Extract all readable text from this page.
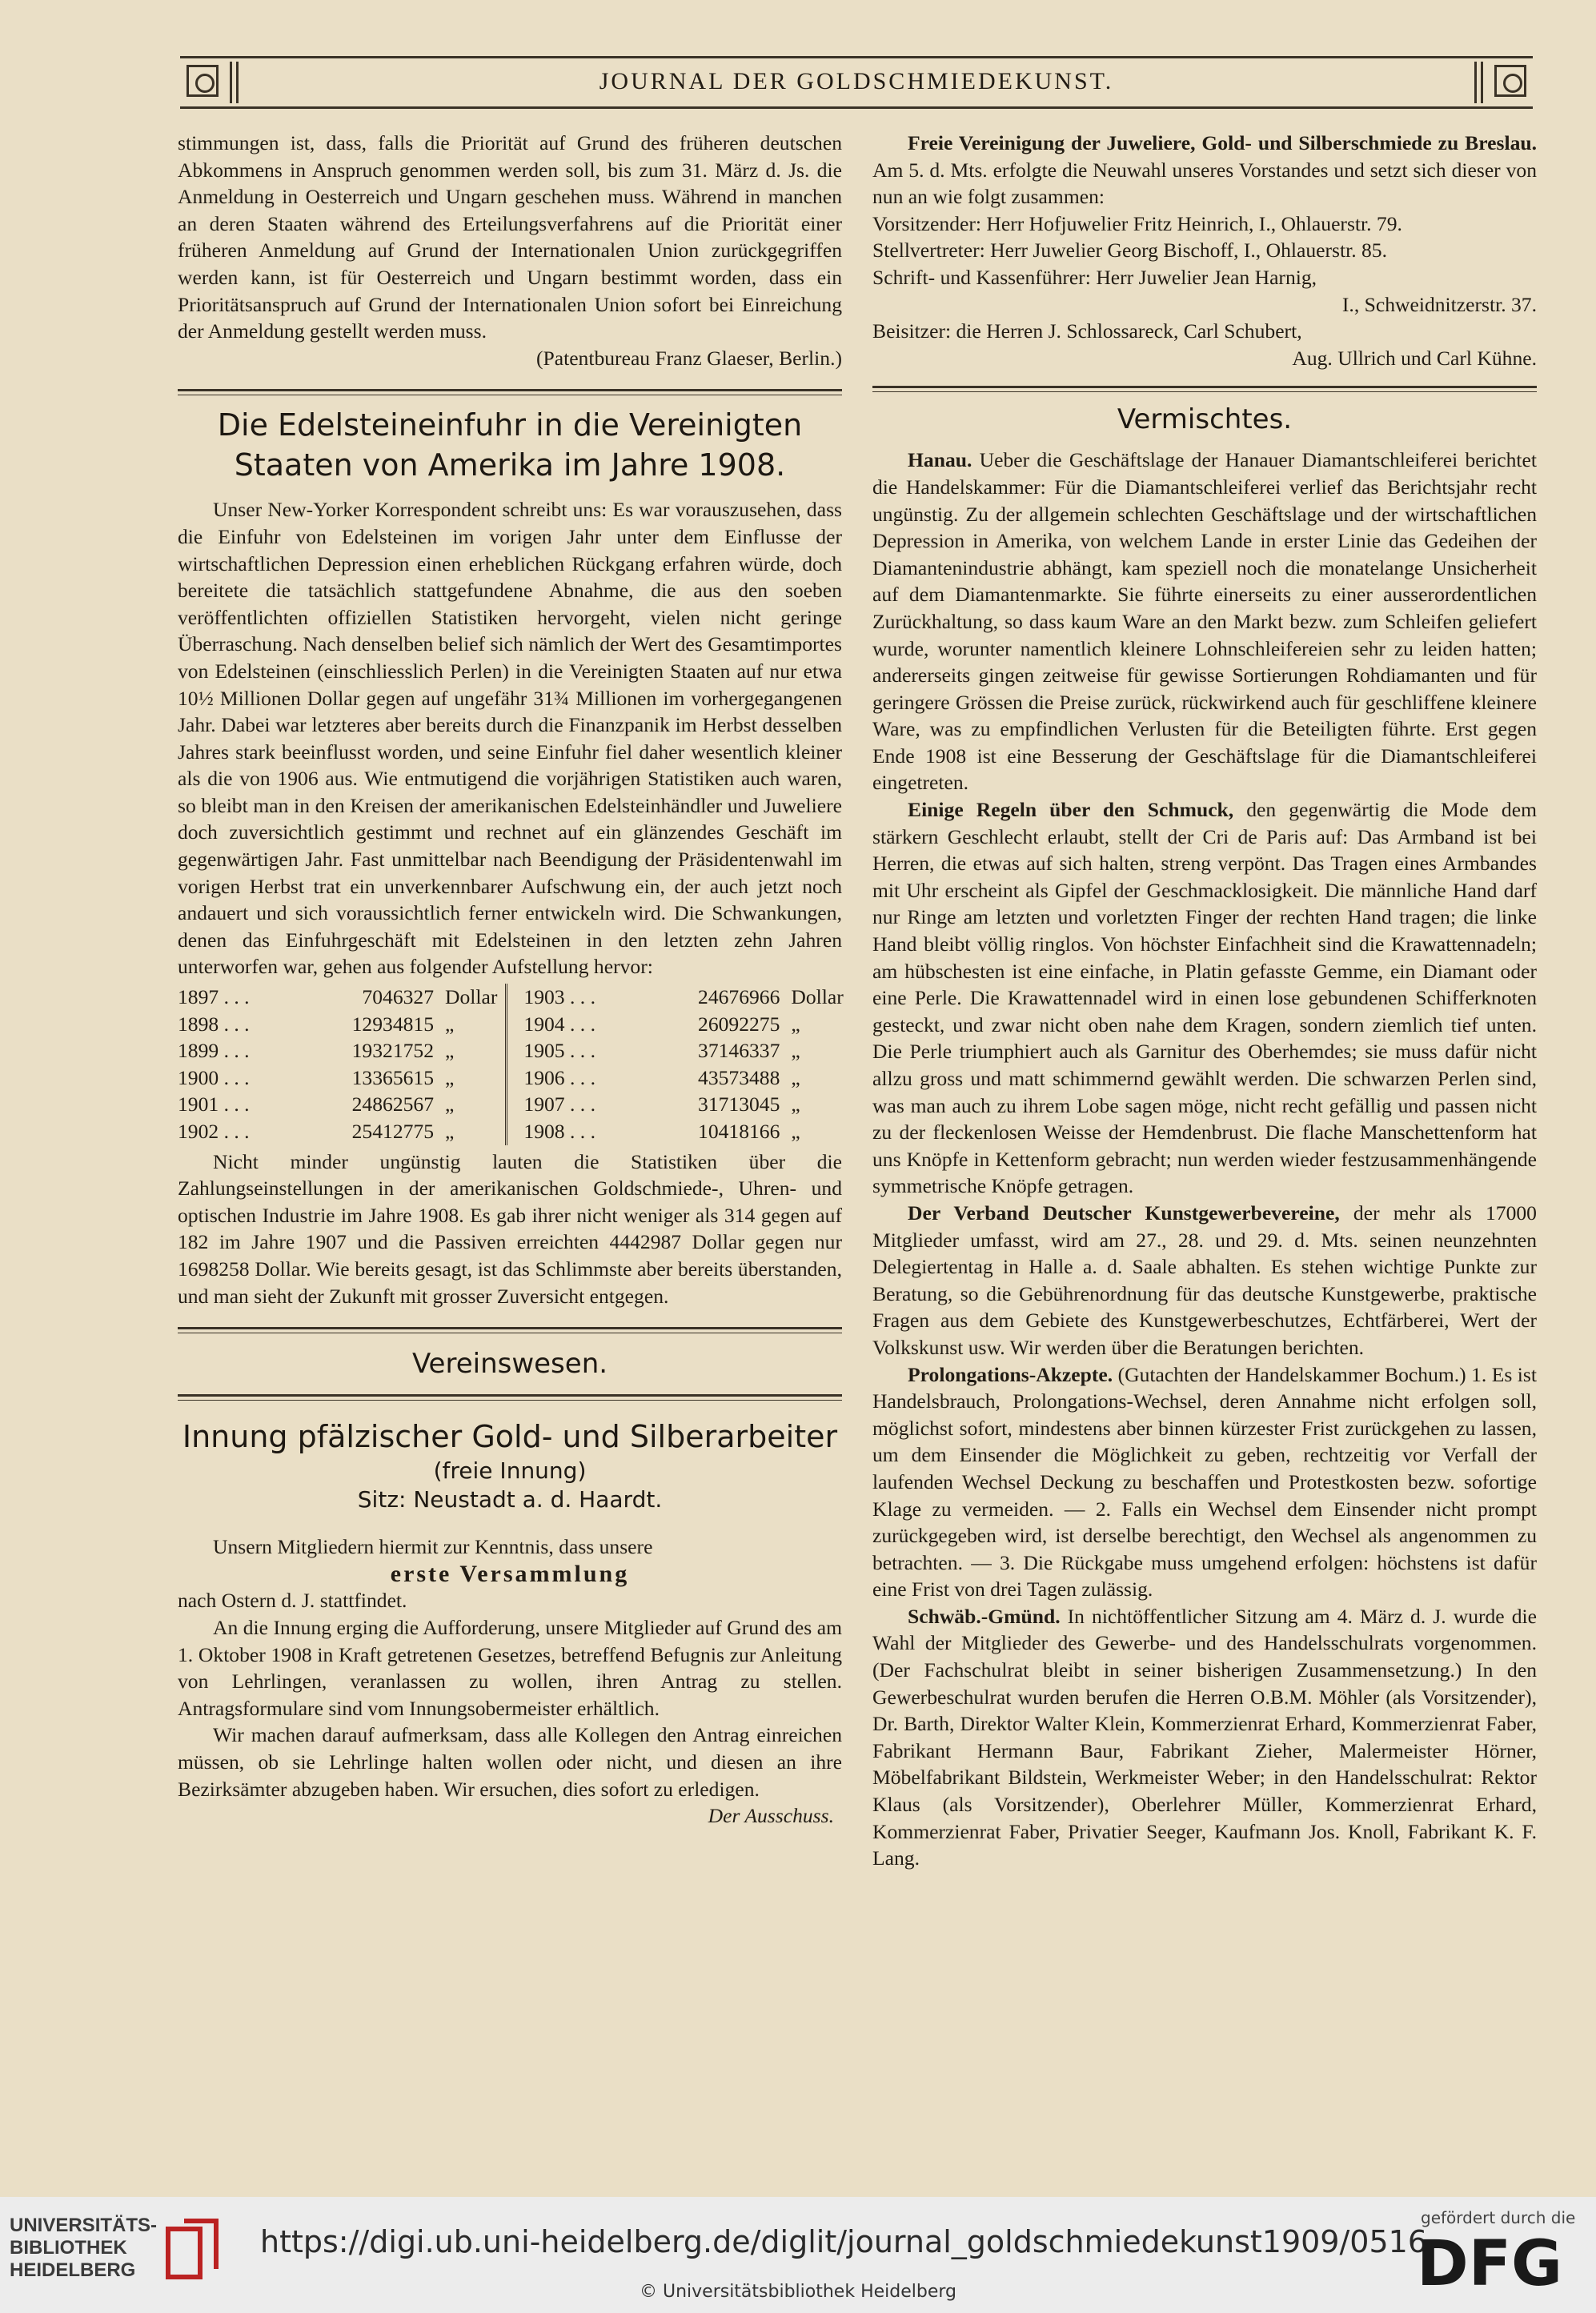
JOURNAL DER GOLDSCHMIEDEKUNST.

stimmungen ist, dass, falls die Priorität auf Grund des früheren deutschen Abkommens in Anspruch genommen werden soll, bis zum 31. März d. Js. die Anmeldung in Oesterreich und Ungarn geschehen muss. Während in manchen an deren Staaten während des Erteilungsverfahrens auf die Priorität einer früheren Anmeldung auf Grund der Internationalen Union zurückgegriffen werden kann, ist für Oesterreich und Ungarn bestimmt worden, dass ein Prioritätsanspruch auf Grund der Internationalen Union sofort bei Einreichung der Anmeldung gestellt werden muss.

(Patentbureau Franz Glaeser, Berlin.)

Die Edelsteineinfuhr in die Vereinigten Staaten von Amerika im Jahre 1908.

Unser New-Yorker Korrespondent schreibt uns: Es war vorauszusehen, dass die Einfuhr von Edelsteinen im vorigen Jahr unter dem Einflusse der wirtschaftlichen Depression einen erheblichen Rückgang erfahren würde, doch bereitete die tatsächlich stattgefundene Abnahme, die aus den soeben veröffentlichten offiziellen Statistiken hervorgeht, vielen nicht geringe Überraschung. Nach denselben belief sich nämlich der Wert des Gesamtimportes von Edelsteinen (einschliesslich Perlen) in die Vereinigten Staaten auf nur etwa 10½ Millionen Dollar gegen auf ungefähr 31¾ Millionen im vorhergegangenen Jahr. Dabei war letzteres aber bereits durch die Finanzpanik im Herbst desselben Jahres stark beeinflusst worden, und seine Einfuhr fiel daher wesentlich kleiner als die von 1906 aus. Wie entmutigend die vorjährigen Statistiken auch waren, so bleibt man in den Kreisen der amerikanischen Edelsteinhändler und Juweliere doch zuversichtlich gestimmt und rechnet auf ein glänzendes Geschäft im gegenwärtigen Jahr. Fast unmittelbar nach Beendigung der Präsidentenwahl im vorigen Herbst trat ein unverkennbarer Aufschwung ein, der auch jetzt noch andauert und sich voraussichtlich ferner entwickeln wird. Die Schwankungen, denen das Einfuhrgeschäft mit Edelsteinen in den letzten zehn Jahren unterworfen war, gehen aus folgender Aufstellung hervor:

1897 . . .	7046327 Dollar
1898 . . .	12934815 „
1899 . . .	19321752 „
1900 . . .	13365615 „
1901 . . .	24862567 „
1902 . . .	25412775 „
1903 . . .	24676966 Dollar
1904 . . .	26092275 „
1905 . . .	37146337 „
1906 . . .	43573488 „
1907 . . .	31713045 „
1908 . . .	10418166 „

Nicht minder ungünstig lauten die Statistiken über die Zahlungseinstellungen in der amerikanischen Goldschmiede-, Uhren- und optischen Industrie im Jahre 1908. Es gab ihrer nicht weniger als 314 gegen auf 182 im Jahre 1907 und die Passiven erreichten 4442987 Dollar gegen nur 1698258 Dollar. Wie bereits gesagt, ist das Schlimmste aber bereits überstanden, und man sieht der Zukunft mit grosser Zuversicht entgegen.

Vereinswesen.
Innung pfälzischer Gold- und Silberarbeiter
(freie Innung)
Sitz: Neustadt a. d. Haardt.

Unsern Mitgliedern hiermit zur Kenntnis, dass unsere

erste Versammlung

nach Ostern d. J. stattfindet.

An die Innung erging die Aufforderung, unsere Mitglieder auf Grund des am 1. Oktober 1908 in Kraft getretenen Gesetzes, betreffend Befugnis zur Anleitung von Lehrlingen, veranlassen zu wollen, ihren Antrag zu stellen. Antragsformulare sind vom Innungsobermeister erhältlich.

Wir machen darauf aufmerksam, dass alle Kollegen den Antrag einreichen müssen, ob sie Lehrlinge halten wollen oder nicht, und diesen an ihre Bezirksämter abzugeben haben. Wir ersuchen, dies sofort zu erledigen.

Der Ausschuss.

Freie Vereinigung der Juweliere, Gold- und Silberschmiede zu Breslau. Am 5. d. Mts. erfolgte die Neuwahl unseres Vorstandes und setzt sich dieser von nun an wie folgt zusammen:

Vorsitzender: Herr Hofjuwelier Fritz Heinrich, I., Ohlauerstr. 79.

Stellvertreter: Herr Juwelier Georg Bischoff, I., Ohlauerstr. 85.

Schrift- und Kassenführer: Herr Juwelier Jean Harnig,

I., Schweidnitzerstr. 37.

Beisitzer: die Herren J. Schlossareck, Carl Schubert,

Aug. Ullrich und Carl Kühne.

Vermischtes.

Hanau. Ueber die Geschäftslage der Hanauer Diamantschleiferei berichtet die Handelskammer: Für die Diamantschleiferei verlief das Berichtsjahr recht ungünstig. Zu der allgemein schlechten Geschäftslage und der wirtschaftlichen Depression in Amerika, von welchem Lande in erster Linie das Gedeihen der Diamantenindustrie abhängt, kam speziell noch die monatelange Unsicherheit auf dem Diamantenmarkte. Sie führte einerseits zu einer ausserordentlichen Zurückhaltung, so dass kaum Ware an den Markt bezw. zum Schleifen geliefert wurde, worunter namentlich kleinere Lohnschleifereien sehr zu leiden hatten; andererseits gingen zeitweise für gewisse Sortierungen Rohdiamanten und für geringere Grössen die Preise zurück, rückwirkend auch für geschliffene kleinere Ware, was zu empfindlichen Verlusten für die Beteiligten führte. Erst gegen Ende 1908 ist eine Besserung der Geschäftslage für die Diamantschleiferei eingetreten.

Einige Regeln über den Schmuck, den gegenwärtig die Mode dem stärkern Geschlecht erlaubt, stellt der Cri de Paris auf: Das Armband ist bei Herren, die etwas auf sich halten, streng verpönt. Das Tragen eines Armbandes mit Uhr erscheint als Gipfel der Geschmacklosigkeit. Die männliche Hand darf nur Ringe am letzten und vorletzten Finger der rechten Hand tragen; die linke Hand bleibt völlig ringlos. Von höchster Einfachheit sind die Krawattennadeln; am hübschesten ist eine einfache, in Platin gefasste Gemme, ein Diamant oder eine Perle. Die Krawattennadel wird in einen lose gebundenen Schifferknoten gesteckt, und zwar nicht oben nahe dem Kragen, sondern ziemlich tief unten. Die Perle triumphiert auch als Garnitur des Oberhemdes; sie muss dafür nicht allzu gross und matt schimmernd gewählt werden. Die schwarzen Perlen sind, was man auch zu ihrem Lobe sagen möge, nicht recht gefällig und passen nicht zu der fleckenlosen Weisse der Hemdenbrust. Die flache Manschettenform hat uns Knöpfe in Kettenform gebracht; nun werden wieder festzusammenhängende symmetrische Knöpfe getragen.

Der Verband Deutscher Kunstgewerbevereine, der mehr als 17000 Mitglieder umfasst, wird am 27., 28. und 29. d. Mts. seinen neunzehnten Delegiertentag in Halle a. d. Saale abhalten. Es stehen wichtige Punkte zur Beratung, so die Gebührenordnung für das deutsche Kunstgewerbe, praktische Fragen aus dem Gebiete des Kunstgewerbeschutzes, Echtfärberei, Wert der Volkskunst usw. Wir werden über die Beratungen berichten.

Prolongations-Akzepte. (Gutachten der Handelskammer Bochum.) 1. Es ist Handelsbrauch, Prolongations-Wechsel, deren Annahme nicht erfolgen soll, möglichst sofort, mindestens aber binnen kürzester Frist zurückgehen zu lassen, um dem Einsender die Möglichkeit zu geben, rechtzeitig vor Verfall der laufenden Wechsel Deckung zu beschaffen und Protestkosten bezw. sofortige Klage zu vermeiden. — 2. Falls ein Wechsel dem Einsender nicht prompt zurückgegeben wird, ist derselbe berechtigt, den Wechsel als angenommen zu betrachten. — 3. Die Rückgabe muss umgehend erfolgen: höchstens ist dafür eine Frist von drei Tagen zulässig.

Schwäb.-Gmünd. In nichtöffentlicher Sitzung am 4. März d. J. wurde die Wahl der Mitglieder des Gewerbe- und des Handelsschulrats vorgenommen. (Der Fachschulrat bleibt in seiner bisherigen Zusammensetzung.) In den Gewerbeschulrat wurden berufen die Herren O.B.M. Möhler (als Vorsitzender), Dr. Barth, Direktor Walter Klein, Kommerzienrat Erhard, Kommerzienrat Faber, Fabrikant Hermann Baur, Fabrikant Zieher, Malermeister Hörner, Möbelfabrikant Bildstein, Werkmeister Weber; in den Handelsschulrat: Rektor Klaus (als Vorsitzender), Oberlehrer Müller, Kommerzienrat Erhard, Kommerzienrat Faber, Privatier Seeger, Kaufmann Jos. Knoll, Fabrikant K. F. Lang.

UNIVERSITÄTS-
BIBLIOTHEK
HEIDELBERG
https://digi.ub.uni-heidelberg.de/diglit/journal_goldschmiedekunst1909/0516
© Universitätsbibliothek Heidelberg
gefördert durch die
DFG
